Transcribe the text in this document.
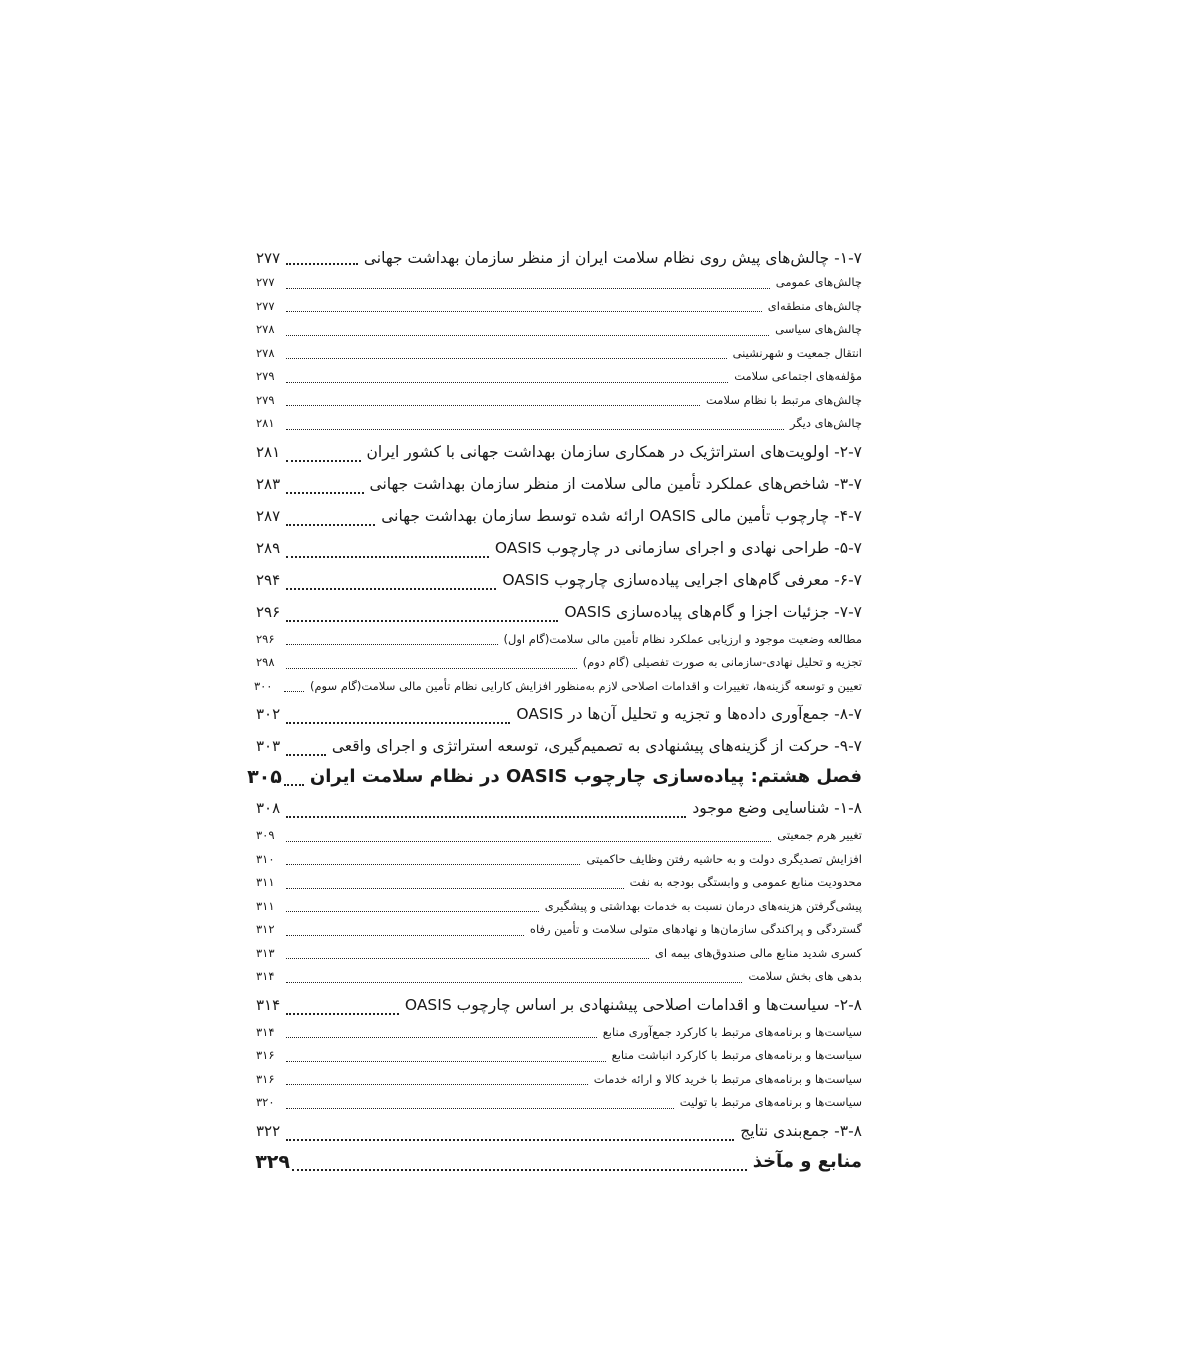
۱-۷- چالش‌های پیش روی نظام سلامت ایران از منظر سازمان بهداشت جهانی
۲۷۷
چالش‌های عمومی
۲۷۷
چالش‌های منطقه‌ای
۲۷۷
چالش‌های سیاسی
۲۷۸
انتقال جمعیت و شهرنشینی
۲۷۸
مؤلفه‌های اجتماعی سلامت
۲۷۹
چالش‌های مرتبط با نظام سلامت
۲۷۹
چالش‌های دیگر
۲۸۱
۲-۷- اولویت‌های استراتژیک در همکاری سازمان بهداشت جهانی با کشور ایران
۲۸۱
۳-۷- شاخص‌های عملکرد تأمین مالی سلامت از منظر سازمان بهداشت جهانی
۲۸۳
۴-۷- چارچوب تأمین مالی OASIS ارائه شده توسط سازمان بهداشت جهانی
۲۸۷
۵-۷- طراحی نهادی و اجرای سازمانی در چارچوب OASIS
۲۸۹
۶-۷- معرفی گام‌های اجرایی پیاده‌سازی چارچوب OASIS
۲۹۴
۷-۷- جزئیات اجزا و گام‌های پیاده‌سازی OASIS
۲۹۶
مطالعه وضعیت موجود و ارزیابی عملکرد نظام تأمین مالی سلامت(گام اول)
۲۹۶
تجزیه و تحلیل نهادی-سازمانی به صورت تفصیلی (گام دوم)
۲۹۸
تعیین و توسعه گزینه‌ها، تغییرات و اقدامات اصلاحی لازم به‌منظور افزایش کارایی نظام تأمین مالی سلامت(گام سوم)
۳۰۰
۸-۷- جمع‌آوری داده‌ها و تجزیه و تحلیل آن‌ها در OASIS
۳۰۲
۹-۷- حرکت از گزینه‌های پیشنهادی به تصمیم‌گیری، توسعه استراتژی و اجرای واقعی
۳۰۳
فصل هشتم: پیاده‌سازی چارچوب OASIS در نظام سلامت ایران
۳۰۵
۱-۸- شناسایی وضع موجود
۳۰۸
تغییر هرم جمعیتی
۳۰۹
افزایش تصدیگری دولت و به حاشیه رفتن وظایف حاکمیتی
۳۱۰
محدودیت منابع عمومی و وابستگی بودجه به نفت
۳۱۱
پیشی‌گرفتن هزینه‌های درمان نسبت به خدمات بهداشتی و پیشگیری
۳۱۱
گستردگی و پراکندگی سازمان‌ها و نهادهای متولی سلامت و تأمین رفاه
۳۱۲
کسری شدید منابع مالی صندوق‌های بیمه ای
۳۱۳
بدهی های بخش سلامت
۳۱۴
۲-۸- سیاست‌ها و اقدامات اصلاحی پیشنهادی بر اساس چارچوب OASIS
۳۱۴
سیاست‌ها و برنامه‌های مرتبط با کارکرد جمع‌آوری منابع
۳۱۴
سیاست‌ها و برنامه‌های مرتبط با کارکرد انباشت منابع
۳۱۶
سیاست‌ها و برنامه‌های مرتبط با خرید کالا و ارائه خدمات
۳۱۶
سیاست‌ها و برنامه‌های مرتبط با تولیت
۳۲۰
۳-۸- جمع‌بندی نتایج
۳۲۲
منابع و مآخذ
۳۲۹
